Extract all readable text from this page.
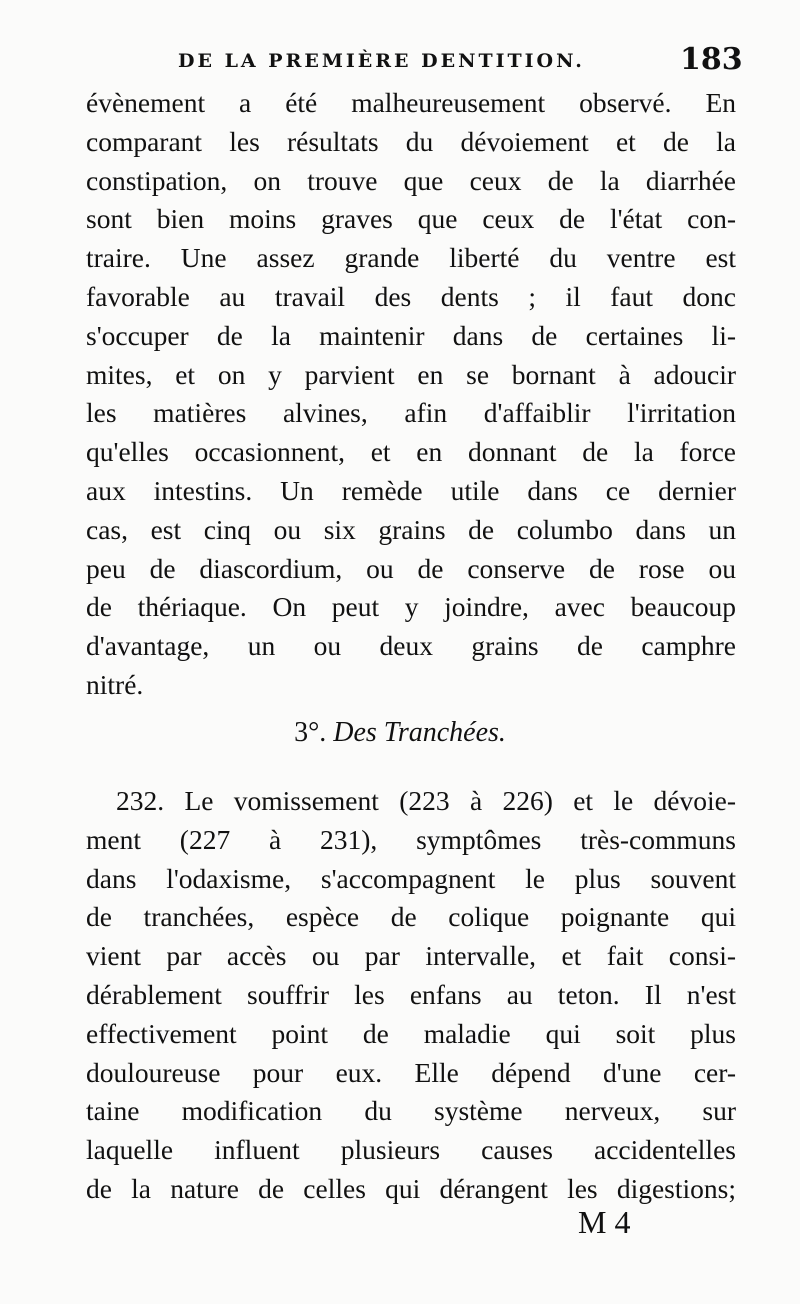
DE LA PREMIÈRE DENTITION.	183
évènement a été malheureusement observé. En
comparant les résultats du dévoiement et de la
constipation, on trouve que ceux de la diarrhée
sont bien moins graves que ceux de l'état con-
traire. Une assez grande liberté du ventre est
favorable au travail des dents ; il faut donc
s'occuper de la maintenir dans de certaines li-
mites, et on y parvient en se bornant à adoucir
les matières alvines, afin d'affaiblir l'irritation
qu'elles occasionnent, et en donnant de la force
aux intestins. Un remède utile dans ce dernier
cas, est cinq ou six grains de columbo dans un
peu de diascordium, ou de conserve de rose ou
de thériaque. On peut y joindre, avec beaucoup
d'avantage, un ou deux grains de camphre
nitré.
3°. Des Tranchées.
232. Le vomissement (223 à 226) et le dévoie-
ment (227 à 231), symptômes très-communs
dans l'odaxisme, s'accompagnent le plus souvent
de tranchées, espèce de colique poignante qui
vient par accès ou par intervalle, et fait consi-
dérablement souffrir les enfans au teton. Il n'est
effectivement point de maladie qui soit plus
douloureuse pour eux. Elle dépend d'une cer-
taine modification du système nerveux, sur
laquelle influent plusieurs causes accidentelles
de la nature de celles qui dérangent les digestions;
M 4
